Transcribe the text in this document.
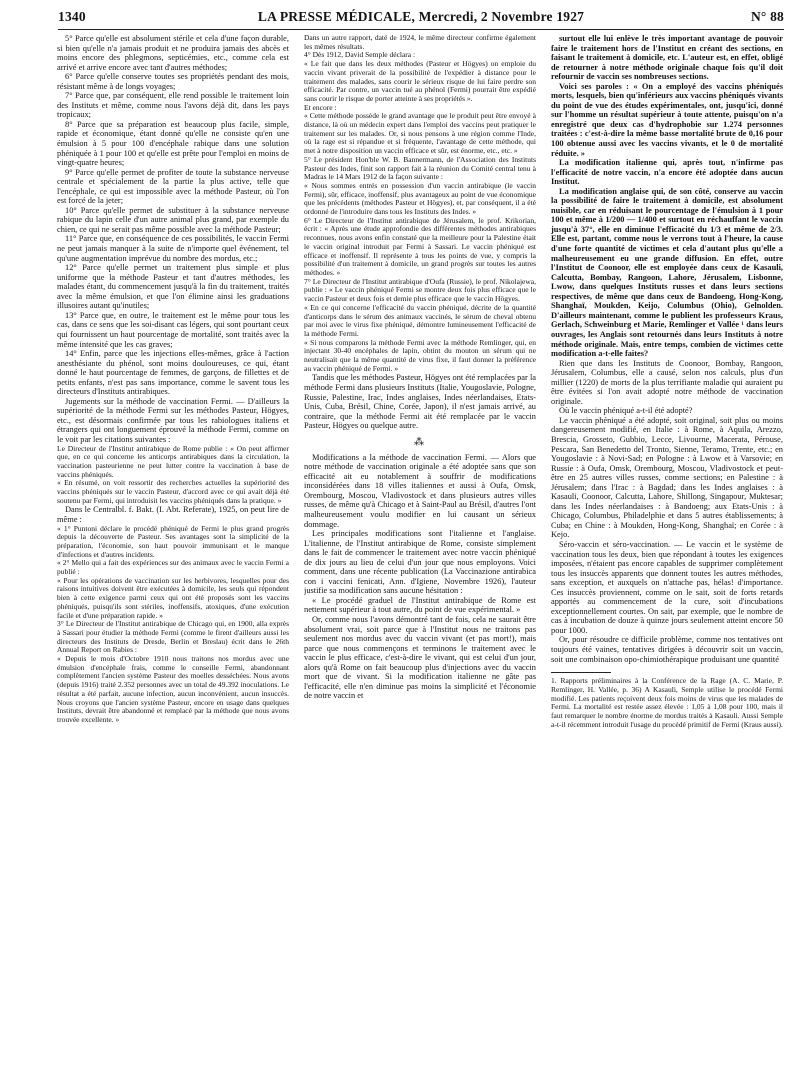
1340	LA PRESSE MÉDICALE, Mercredi, 2 Novembre 1927	N° 88

5° Parce qu'elle est absolument stérile et cela d'une façon durable, si bien qu'elle n'a jamais produit et ne produira jamais des abcès et moins encore des phlegmons, septicémies, etc., comme cela est arrivé et arrive encore avec tant d'autres méthodes;

6° Parce qu'elle conserve toutes ses propriétés pendant des mois, résistant même à de longs voyages;

7° Parce que, par conséquent, elle rend possible le traitement loin des Instituts et même, comme nous l'avons déjà dit, dans les pays tropicaux;

8° Parce que sa préparation est beaucoup plus facile, simple, rapide et économique, étant donné qu'elle ne consiste qu'en une émulsion à 5 pour 100 d'encéphale rabique dans une solution phéniquée à 1 pour 100 et qu'elle est prête pour l'emploi en moins de vingt-quatre heures;

9° Parce qu'elle permet de profiter de toute la substance nerveuse centrale et spécialement de la partie la plus active, telle que l'encéphale, ce qui est impossible avec la méthode Pasteur, où l'on est forcé de la jeter;

10° Parce qu'elle permet de substituer à la substance nerveuse rabique du lapin celle d'un autre animal plus grand, par exemple du chien, ce qui ne serait pas même possible avec la méthode Pasteur;

11° Parce que, en conséquence de ces possibilités, le vaccin Fermi ne peut jamais manquer à la suite de n'importe quel événement, tel qu'une augmentation imprévue du nombre des mordus, etc.;

12° Parce qu'elle permet un traitement plus simple et plus uniforme que la méthode Pasteur et tant d'autres méthodes, les malades étant, du commencement jusqu'à la fin du traitement, traités avec la même émulsion, et que l'on élimine ainsi les graduations illusoires autant qu'inutiles;

13° Parce que, en outre, le traitement est le même pour tous les cas, dans ce sens que les soi-disant cas légers, qui sont pourtant ceux qui fournissent un haut pourcentage de mortalité, sont traités avec la même intensité que les cas graves;

14° Enfin, parce que les injections elles-mêmes, grâce à l'action anesthésiante du phénol, sont moins douloureuses, ce qui, étant donné le haut pourcentage de femmes, de garçons, de fillettes et de petits enfants, n'est pas sans importance, comme le savent tous les directeurs d'Instituts antirabiques.

Jugements sur la méthode de vaccination Fermi. — D'ailleurs la supériorité de la méthode Fermi sur les méthodes Pasteur, Högyes, etc., est désormais confirmée par tous les rabiologues italiens et étrangers qui ont longuement éprouvé la méthode Fermi, comme on le voit par les citations suivantes :

Le Directeur de l'Institut antirabique de Rome publie : « On peut affirmer que, en ce qui concerne les anticorps antirabiques dans la circulation, la vaccination pasteurienne ne peut lutter contre la vaccination à base de vaccins phéniqués.

« En résumé, on voit ressortir des recherches actuelles la supériorité des vaccins phéniqués sur le vaccin Pasteur, d'accord avec ce qui avait déjà été soutenu par Fermi, qui introduisit les vaccins phéniqués dans la pratique. »

Dans le Centralbl. f. Bakt. (I. Abt. Referate), 1925, on peut lire de même :

« 1° Puntoni déclare le procédé phéniqué de Fermi le plus grand progrès depuis la découverte de Pasteur. Ses avantages sont la simplicité de la préparation, l'économie, son haut pouvoir immunisant et le manque d'infections et d'autres incidents.

« 2° Mello qui a fait des expériences sur des animaux avec le vaccin Fermi a publié :

« Pour les opérations de vaccination sur les herbivores, lesquelles pour des raisons intuitives doivent être exécutées à domicile, les seuls qui répondent bien à cette exigence parmi ceux qui ont été proposés sont les vaccins phéniqués, puisqu'ils sont stériles, inoffensifs, atoxiques, d'une exécution facile et d'une préparation rapide. »

3° Le Directeur de l'Institut antirabique de Chicago qui, en 1900, alla exprès à Sassari pour étudier la méthode Fermi (comme le firent d'ailleurs aussi les directeurs des Instituts de Dresde, Berlin et Breslau) écrit dans le 26th Annual Report on Rabies :

« Depuis le mois d'Octobre 1910 nous traitons nos mordus avec une émulsion d'encéphale frais, comme le conseille Fermi, abandonnant complètement l'ancien système Pasteur des moelles desséchées. Nous avons (depuis 1916) traité 2.352 personnes avec un total de 49.392 inoculations. Le résultat a été parfait, aucune infection, aucun inconvénient, aucun insuccès. Nous croyons que l'ancien système Pasteur, encore en usage dans quelques Instituts, devrait être abandonné et remplacé par la méthode que nous avons trouvée excellente. »

Dans un autre rapport, daté de 1924, le même directeur confirme également les mêmes résultats.

4° Dès 1912, David Semple déclara :

« Le fait que dans les deux méthodes (Pasteur et Högyes) on emploie du vaccin vivant priverait de la possibilité de l'expédier à distance pour le traitement des malades, sans courir le sérieux risque de lui faire perdre son efficacité. Par contre, un vaccin tué au phénol (Fermi) pourrait être expédié sans courir le risque de porter atteinte à ses propriétés ».

Et encore :

« Cette méthode possède le grand avantage que le produit peut être envoyé à distance, là où un médecin expert dans l'emploi des vaccins peut pratiquer le traitement sur les malades. Or, si nous pensons à une région comme l'Inde, où la rage est si répandue et si fréquente, l'avantage de cette méthode, qui met à notre disposition un vaccin efficace et sûr, est énorme, etc., etc. »

5° Le président Hon'ble W. B. Bannermann, de l'Association des Instituts Pasteur des Indes, finit son rapport fait à la réunion du Comité central tenu à Madras le 14 Mars 1912 de la façon suivante :

« Nous sommes entrés en possession d'un vaccin antirabique (le vaccin Fermi), sûr, efficace, inoffensif, plus avantageux au point de vue économique que les précédents (méthodes Pasteur et Högyes), et, par conséquent, il a été ordonné de l'introduire dans tous les Instituts des Indes. »

6° Le Directeur de l'Institut antirabique de Jérusalem, le prof. Krikorian, écrit : « Après une étude approfondie des différentes méthodes antirabiques reconnues, nous avons enfin constaté que la meilleure pour la Palestine était le vaccin original introduit par Fermi à Sassari. Le vaccin phéniqué est efficace et inoffensif. Il représente à tous les points de vue, y compris la possibilité d'un traitement à domicile, un grand progrès sur toutes les autres méthodes. »

7° Le Directeur de l'Institut antirabique d'Oufa (Russie), le prof. Nikolajewa, publie : « Le vaccin phéniqué Fermi se montre deux fois plus efficace que le vaccin Pasteur et deux fois et demie plus efficace que le vaccin Högyes.

« En ce qui concerne l'efficacité du vaccin phéniqué, décrite de la quantité d'anticorps dans le sérum des animaux vaccinés, le sérum de cheval obtenu par moi avec le virus fixe phéniqué, démontre lumineusement l'efficacité de la méthode Fermi.

« Si nous comparons la méthode Fermi avec la méthode Remlinger, qui, en injectant 30-40 encéphales de lapin, obtint du mouton un sérum qui ne neutralisait que la même quantité de virus fixe, il faut donner la préférence au vaccin phéniqué de Fermi. »

Tandis que les méthodes Pasteur, Högyes ont été remplacées par la méthode Fermi dans plusieurs Instituts (Italie, Yougoslavie, Pologne, Russie, Palestine, Irac, Indes anglaises, Indes néerlandaises, Etats-Unis, Cuba, Brésil, Chine, Corée, Japon), il n'est jamais arrivé, au contraire, que la méthode Fermi ait été remplacée par le vaccin Pasteur, Högyes ou quelque autre.

⁂

Modifications a la méthode de vaccination Fermi. — Alors que notre méthode de vaccination originale a été adoptée sans que son efficacité ait eu notablement à souffrir de modifications inconsidérées dans 18 villes italiennes et aussi à Oufa, Omsk, Orembourg, Moscou, Vladivostock et dans plusieurs autres villes russes, de même qu'à Chicago et à Saint-Paul au Brésil, d'autres l'ont malheureusement voulu modifier en lui causant un sérieux dommage.

Les principales modifications sont l'italienne et l'anglaise. L'italienne, de l'Institut antirabique de Rome, consiste simplement dans le fait de commencer le traitement avec notre vaccin phéniqué de dix jours au lieu de celui d'un jour que nous employons. Voici comment, dans une récente publication (La Vaccinazione antirabica con i vaccini fenicati, Ann. d'Igiene, Novembre 1926), l'auteur justifie sa modification sans aucune hésitation :

« Le procédé graduel de l'Institut antirabique de Rome est nettement supérieur à tout autre, du point de vue expérimental. »

Or, comme nous l'avons démontré tant de fois, cela ne saurait être absolument vrai, soit parce que à l'Institut nous ne traitons pas seulement nos mordus avec du vaccin vivant (et pas mort!), mais parce que nous commençons et terminons le traitement avec le vaccin le plus efficace, c'est-à-dire le vivant, qui est celui d'un jour, alors qu'à Rome on fait beaucoup plus d'injections avec du vaccin mort que de vivant. Si la modification italienne ne gâte pas l'efficacité, elle n'en diminue pas moins la simplicité et l'économie de notre vaccin et

surtout elle lui enlève le très important avantage de pouvoir faire le traitement hors de l'Institut en créant des sections, en faisant le traitement à domicile, etc. L'auteur est, en effet, obligé de retourner à notre méthode originale chaque fois qu'il doit refournir de vaccin ses nombreuses sections.

Voici ses paroles : « On a employé des vaccins phéniqués morts, lesquels, bien qu'inférieurs aux vaccins phéniqués vivants du point de vue des études expérimentales, ont, jusqu'ici, donné sur l'homme un résultat supérieur à toute attente, puisqu'on n'a enregistré que deux cas d'hydrophobie sur 1.274 personnes traitées : c'est-à-dire la même basse mortalité brute de 0,16 pour 100 obtenue aussi avec les vaccins vivants, et le 0 de mortalité réduite. »

La modification italienne qui, après tout, n'infirme pas l'efficacité de notre vaccin, n'a encore été adoptée dans aucun Institut.

La modification anglaise qui, de son côté, conserve au vaccin la possibilité de faire le traitement à domicile, est absolument nuisible, car en réduisant le pourcentage de l'émulsion à 1 pour 100 et même à 1/200 — 1/400 et surtout en réchauffant le vaccin jusqu'à 37°, elle en diminue l'efficacité du 1/3 et même de 2/3. Elle est, partant, comme nous le verrons tout à l'heure, la cause d'une forte quantité de victimes et cela d'autant plus qu'elle a malheureusement eu une grande diffusion. En effet, outre l'Institut de Coonoor, elle est employée dans ceux de Kasauli, Calcutta, Bombay, Rangoon, Lahore, Jérusalem, Lisbonne, Lwow, dans quelques Instituts russes et dans leurs sections respectives, de même que dans ceux de Bandoeng, Hong-Kong, Shanghaï, Moukden, Keijo, Columbus (Ohio), Gelnolden. D'ailleurs maintenant, comme le publient les professeurs Kraus, Gerlach, Schweinburg et Marie, Remlinger et Vallée ¹ dans leurs ouvrages, les Anglais sont retournés dans leurs Instituts à notre méthode originale. Mais, entre temps, combien de victimes cette modification a-t-elle faites?

Rien que dans les Instituts de Coonoor, Bombay, Rangoon, Jérusalem, Columbus, elle a causé, selon nos calculs, plus d'un millier (1220) de morts de la plus terrifiante maladie qui auraient pu être évitées si l'on avait adopté notre méthode de vaccination originale.

Où le vaccin phéniqué a-t-il été adopté?

Le vaccin phéniqué a été adopté, soit original, soit plus ou moins dangereusement modifié, en Italie : à Rome, à Aquila, Arezzo, Brescia, Grosseto, Gubbio, Lecce, Livourne, Macerata, Pérouse, Pescara, San Benedetto del Tronto, Sienne, Teramo, Trente, etc.; en Yougoslavie : à Novi-Sad; en Pologne : à Lwow et à Varsovie; en Russie : à Oufa, Omsk, Orembourg, Moscou, Vladivostock et peut-être en 25 autres villes russes, comme sections; en Palestine : à Jérusalem; dans l'Irac : à Bagdad; dans les Indes anglaises : à Kasauli, Coonoor, Calcutta, Lahore, Shillong, Singapour, Muktesar; dans les Indes néerlandaises : à Bandoeng; aux Etats-Unis : à Chicago, Columbus, Philadelphie et dans 5 autres établissements; à Cuba; en Chine : à Moukden, Hong-Kong, Shanghaï; en Corée : à Kejo.

Séro-vaccin et séro-vaccination. — Le vaccin et le système de vaccination tous les deux, bien que répondant à toutes les exigences imposées, n'étaient pas encore capables de supprimer complètement tous les insuccès apparents que donnent toutes les autres méthodes, sans exception, et auxquels on n'attache pas, hélas! d'importance. Ces insuccès proviennent, comme on le sait, soit de forts retards apportés au commencement de la cure, soit d'incubations exceptionnellement courtes. On sait, par exemple, que le nombre de cas à incubation de douze à quinze jours seulement atteint encore 50 pour 1000.

Or, pour résoudre ce difficile problème, comme nos tentatives ont toujours été vaines, tentatives dirigées à découvrir soit un vaccin, soit une combinaison opo-chimiothérapique produisant une quantité

1. Rapports préliminaires à la Conférence de la Rage (A. C. Marie, P. Remlinger, H. Vallée, p. 36) A Kasauli, Semple utilise le procédé Fermi modifié. Les patients reçoivent deux fois moins de virus que les malades de Fermi. La mortalité est restée assez élevée : 1,05 à 1,08 pour 100, mais il faut remarquer le nombre énorme de mordus traités à Kasauli. Aussi Semple a-t-il récemment introduit l'usage du procédé primitif de Fermi (Kraus aussi).
